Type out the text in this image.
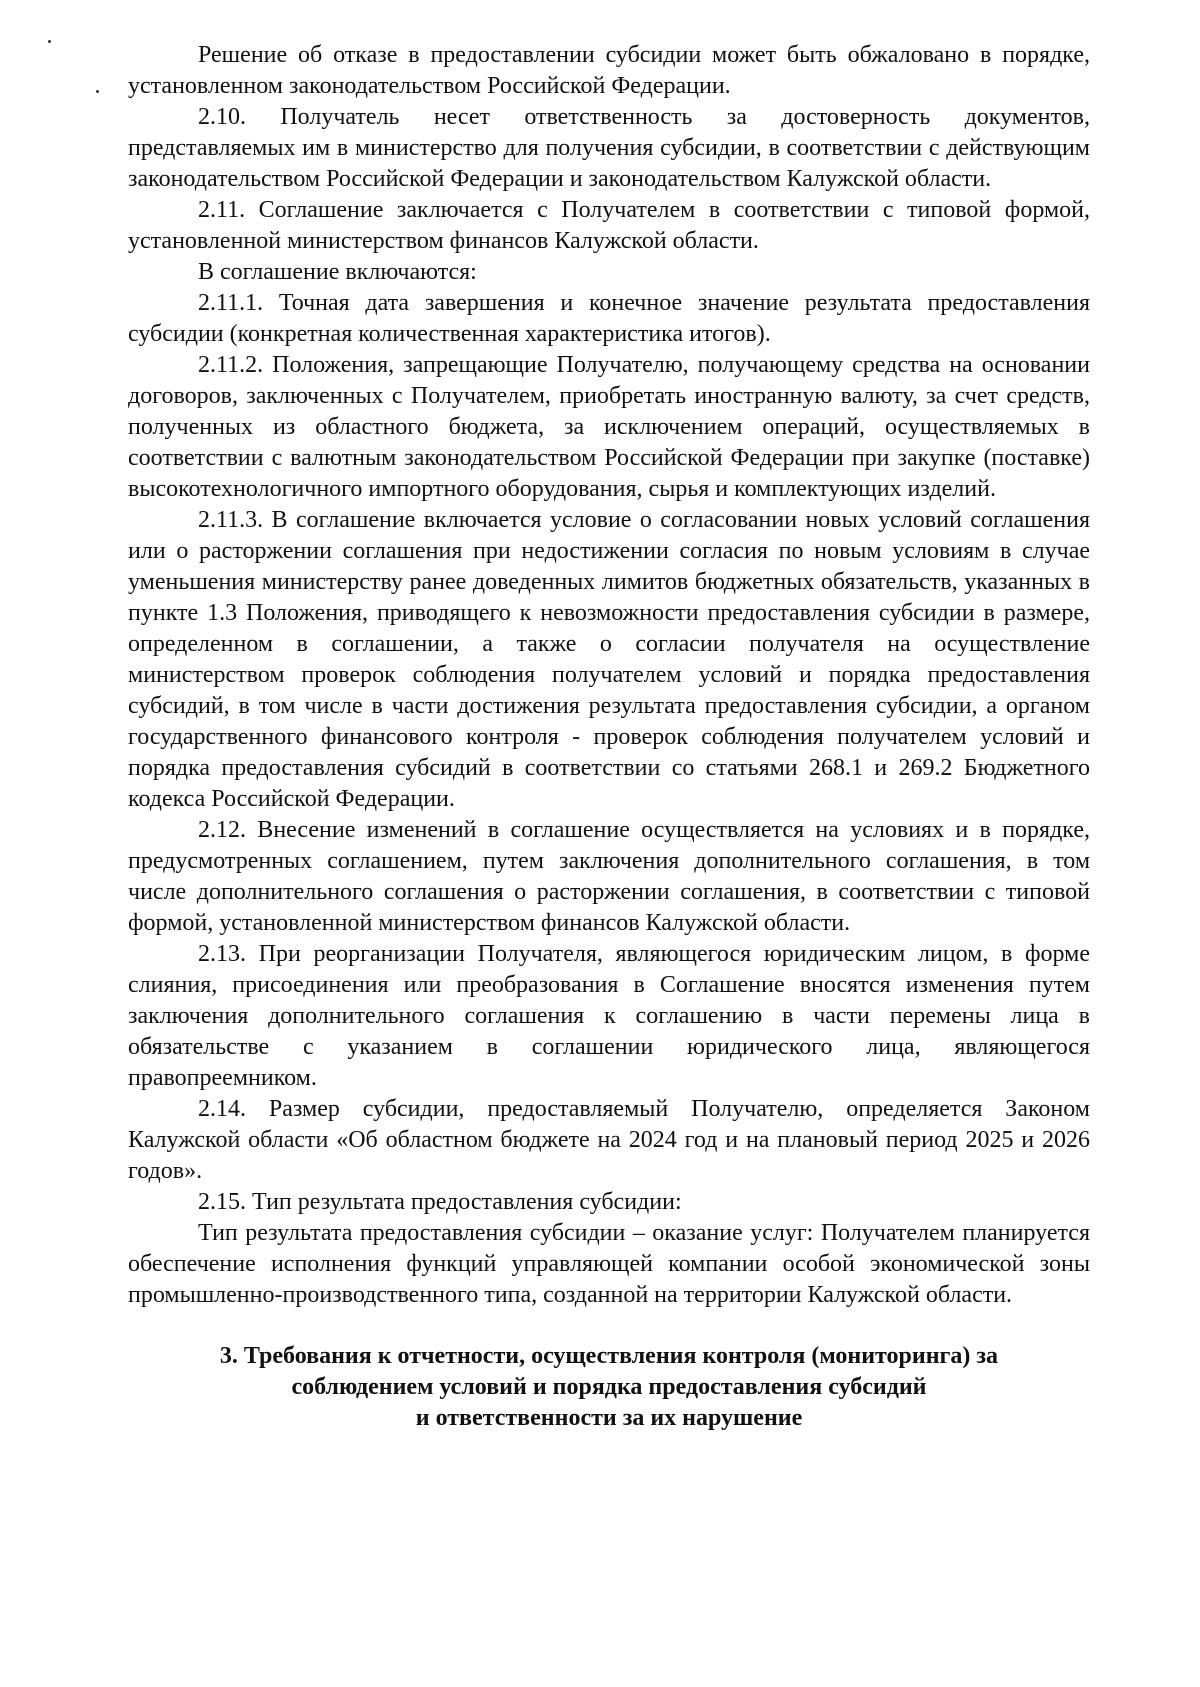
Решение об отказе в предоставлении субсидии может быть обжаловано в порядке, установленном законодательством Российской Федерации.

2.10. Получатель несет ответственность за достоверность документов, представляемых им в министерство для получения субсидии, в соответствии с действующим законодательством Российской Федерации и законодательством Калужской области.

2.11. Соглашение заключается с Получателем в соответствии с типовой формой, установленной министерством финансов Калужской области.

В соглашение включаются:

2.11.1. Точная дата завершения и конечное значение результата предоставления субсидии (конкретная количественная характеристика итогов).

2.11.2. Положения, запрещающие Получателю, получающему средства на основании договоров, заключенных с Получателем, приобретать иностранную валюту, за счет средств, полученных из областного бюджета, за исключением операций, осуществляемых в соответствии с валютным законодательством Российской Федерации при закупке (поставке) высокотехнологичного импортного оборудования, сырья и комплектующих изделий.

2.11.3. В соглашение включается условие о согласовании новых условий соглашения или о расторжении соглашения при недостижении согласия по новым условиям в случае уменьшения министерству ранее доведенных лимитов бюджетных обязательств, указанных в пункте 1.3 Положения, приводящего к невозможности предоставления субсидии в размере, определенном в соглашении, а также о согласии получателя на осуществление министерством проверок соблюдения получателем условий и порядка предоставления субсидий, в том числе в части достижения результата предоставления субсидии, а органом государственного финансового контроля - проверок соблюдения получателем условий и порядка предоставления субсидий в соответствии со статьями 268.1 и 269.2 Бюджетного кодекса Российской Федерации.

2.12. Внесение изменений в соглашение осуществляется на условиях и в порядке, предусмотренных соглашением, путем заключения дополнительного соглашения, в том числе дополнительного соглашения о расторжении соглашения, в соответствии с типовой формой, установленной министерством финансов Калужской области.

2.13. При реорганизации Получателя, являющегося юридическим лицом, в форме слияния, присоединения или преобразования в Соглашение вносятся изменения путем заключения дополнительного соглашения к соглашению в части перемены лица в обязательстве с указанием в соглашении юридического лица, являющегося правопреемником.

2.14. Размер субсидии, предоставляемый Получателю, определяется Законом Калужской области «Об областном бюджете на 2024 год и на плановый период 2025 и 2026 годов».

2.15. Тип результата предоставления субсидии:

Тип результата предоставления субсидии – оказание услуг: Получателем планируется обеспечение исполнения функций управляющей компании особой экономической зоны промышленно-производственного типа, созданной на территории Калужской области.

3. Требования к отчетности, осуществления контроля (мониторинга) за
соблюдением условий и порядка предоставления субсидий
и ответственности за их нарушение
